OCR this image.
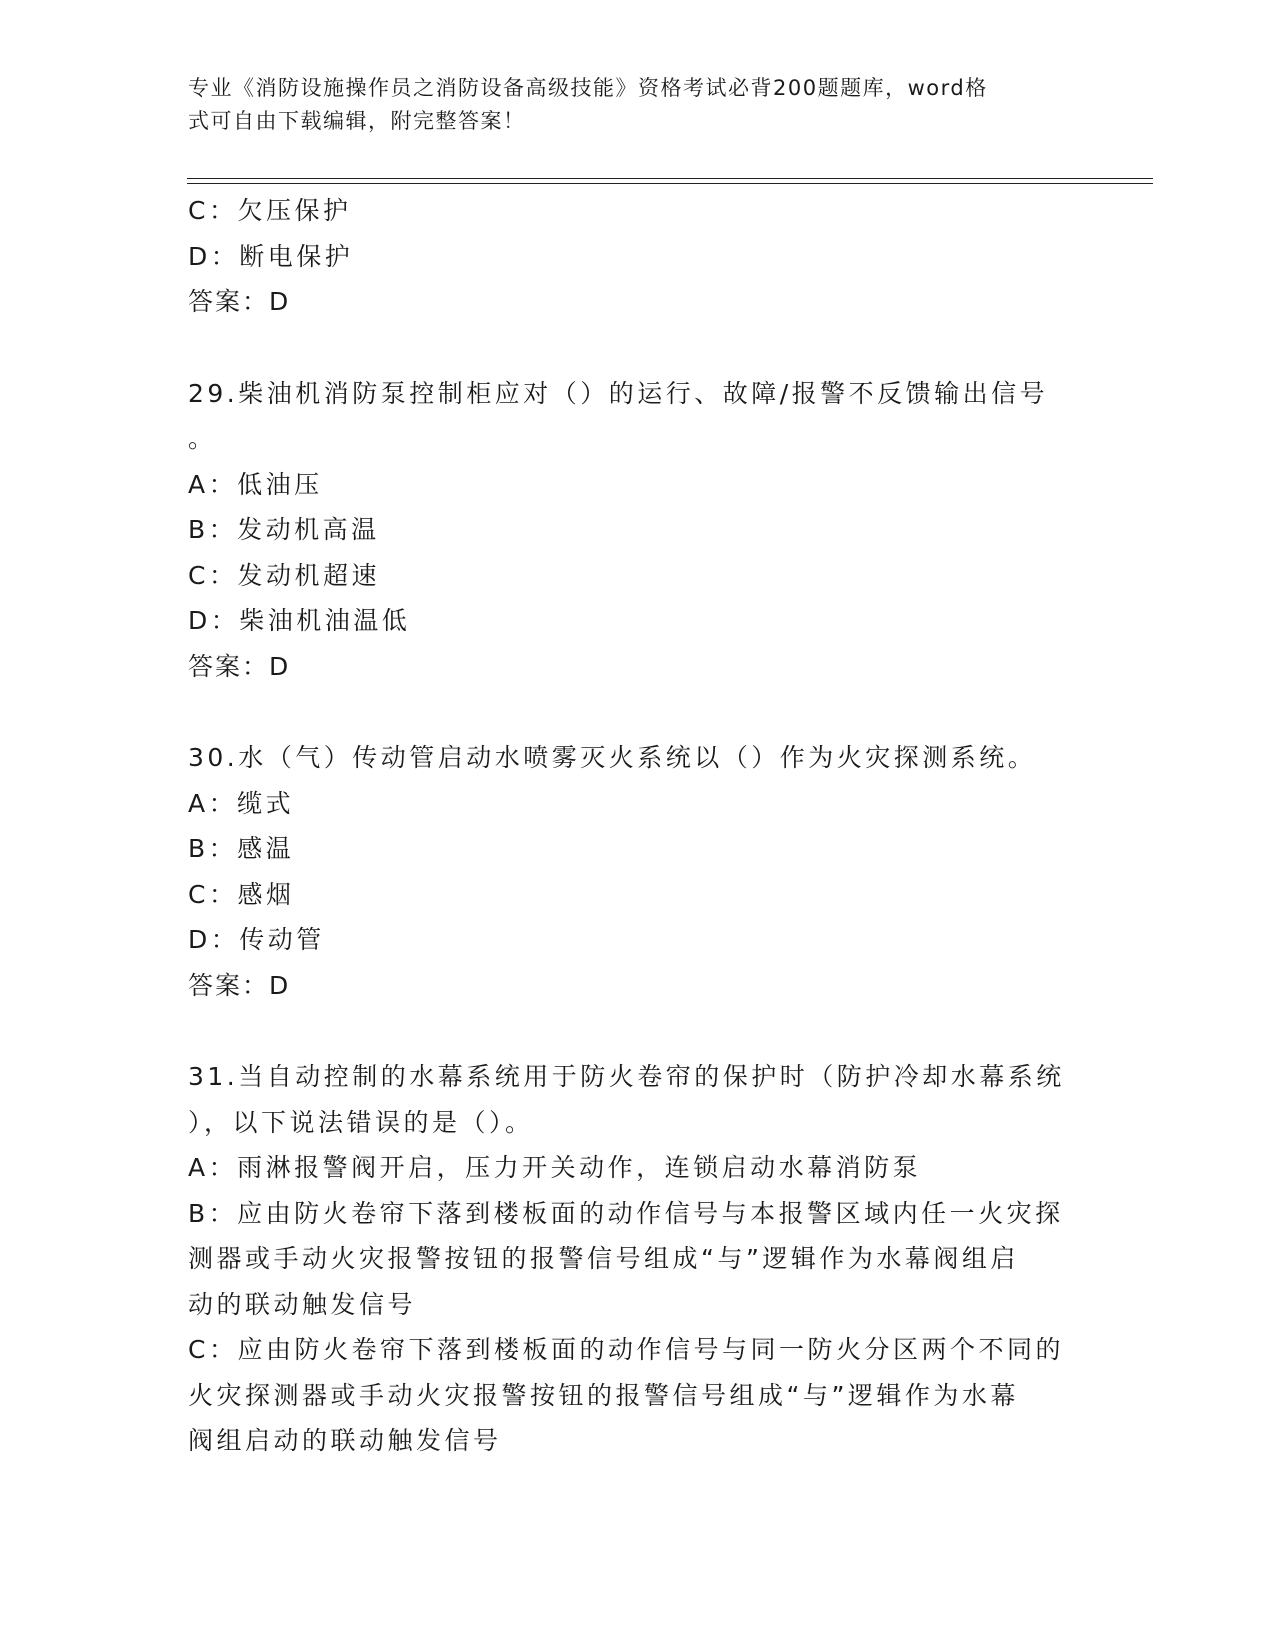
专业《消防设施操作员之消防设备高级技能》资格考试必背200题题库，word格
式可自由下载编辑，附完整答案！
C：欠压保护
D：断电保护
答案：D
29.柴油机消防泵控制柜应对（）的运行、故障/报警不反馈输出信号
。
A：低油压
B：发动机高温
C：发动机超速
D：柴油机油温低
答案：D
30.水（气）传动管启动水喷雾灭火系统以（）作为火灾探测系统。
A：缆式
B：感温
C：感烟
D：传动管
答案：D
31.当自动控制的水幕系统用于防火卷帘的保护时（防护冷却水幕系统
），以下说法错误的是（）。
A：雨淋报警阀开启，压力开关动作，连锁启动水幕消防泵
B：应由防火卷帘下落到楼板面的动作信号与本报警区域内任一火灾探
测器或手动火灾报警按钮的报警信号组成“与”逻辑作为水幕阀组启
动的联动触发信号
C：应由防火卷帘下落到楼板面的动作信号与同一防火分区两个不同的
火灾探测器或手动火灾报警按钮的报警信号组成“与”逻辑作为水幕
阀组启动的联动触发信号
